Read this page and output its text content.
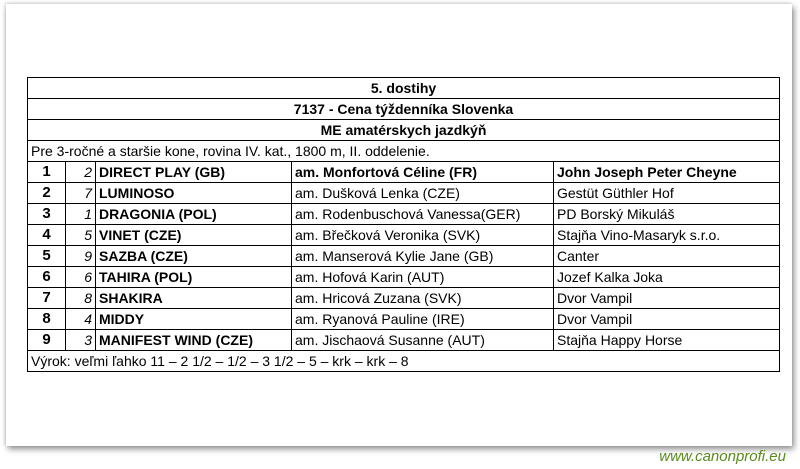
5. dostihy				
7137 - Cena týždenníka Slovenka				
ME amatérskych jazdkýň				
Pre 3-ročné a staršie kone, rovina IV. kat., 1800 m, II. oddelenie.				
1	2	DIRECT PLAY (GB)	am. Monfortová Céline (FR)	John Joseph Peter Cheyne
2	7	LUMINOSO	am. Dušková Lenka (CZE)	Gestüt Güthler Hof
3	1	DRAGONIA (POL)	am. Rodenbuschová Vanessa(GER)	PD Borský Mikuláš
4	5	VINET (CZE)	am. Břečková Veronika (SVK)	Stajňa Vino-Masaryk s.r.o.
5	9	SAZBA (CZE)	am. Manserová Kylie Jane (GB)	Canter
6	6	TAHIRA (POL)	am. Hofová Karin (AUT)	Jozef Kalka Joka
7	8	SHAKIRA	am. Hricová Zuzana (SVK)	Dvor Vampil
8	4	MIDDY	am. Ryanová Pauline (IRE)	Dvor Vampil
9	3	MANIFEST WIND (CZE)	am. Jischaová Susanne (AUT)	Stajňa Happy Horse
Výrok: veľmi ľahko 11 – 2 1/2 – 1/2 – 3 1/2 – 5 – krk – krk – 8				
www.canonprofi.eu
